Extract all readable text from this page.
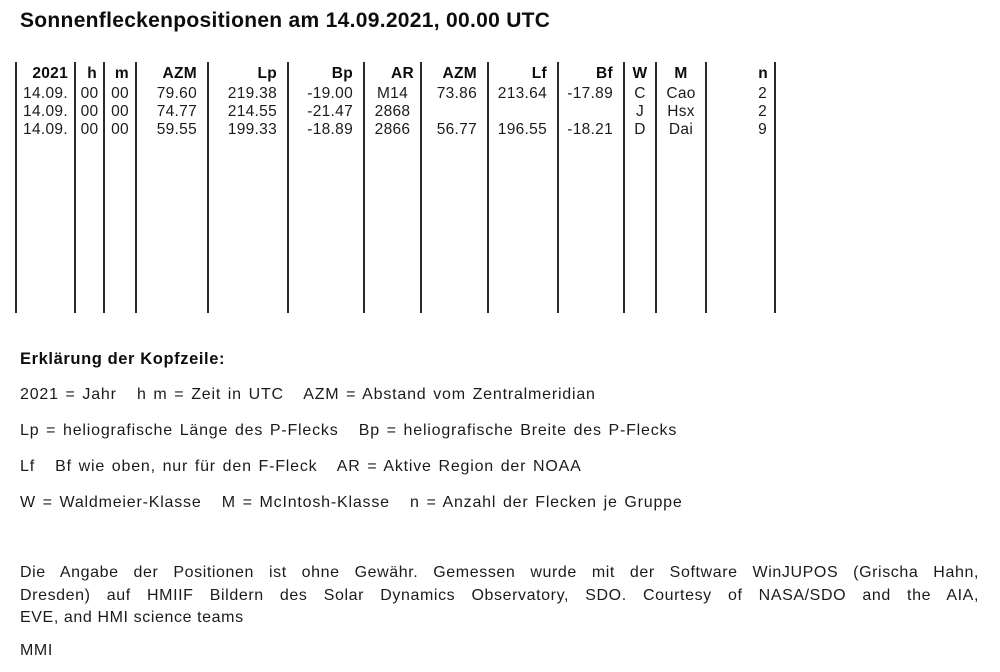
Sonnenfleckenpositionen am 14.09.2021, 00.00 UTC
2021	h	m	AZM	Lp	Bp	AR	AZM	Lf	Bf	W	M	n
14.09.	00	00	79.60	219.38	-19.00	M14	73.86	213.64	-17.89	C	Cao	2
14.09.	00	00	74.77	214.55	-21.47	2868				J	Hsx	2
14.09.	00	00	59.55	199.33	-18.89	2866	56.77	196.55	-18.21	D	Dai	9

Erklärung der Kopfzeile:
2021 = Jahr   h m = Zeit in UTC   AZM = Abstand vom Zentralmeridian
Lp = heliografische Länge des P-Flecks   Bp = heliografische Breite des P-Flecks
Lf   Bf wie oben, nur für den F-Fleck   AR = Aktive Region der NOAA
W = Waldmeier-Klasse   M = McIntosh-Klasse   n = Anzahl der Flecken je Gruppe
Die Angabe der Positionen ist ohne Gewähr. Gemessen wurde mit der Software WinJUPOS (Grischa Hahn,
Dresden) auf HMIIF Bildern des Solar Dynamics Observatory, SDO. Courtesy of NASA/SDO and the AIA,
EVE, and HMI science teams
MMI
